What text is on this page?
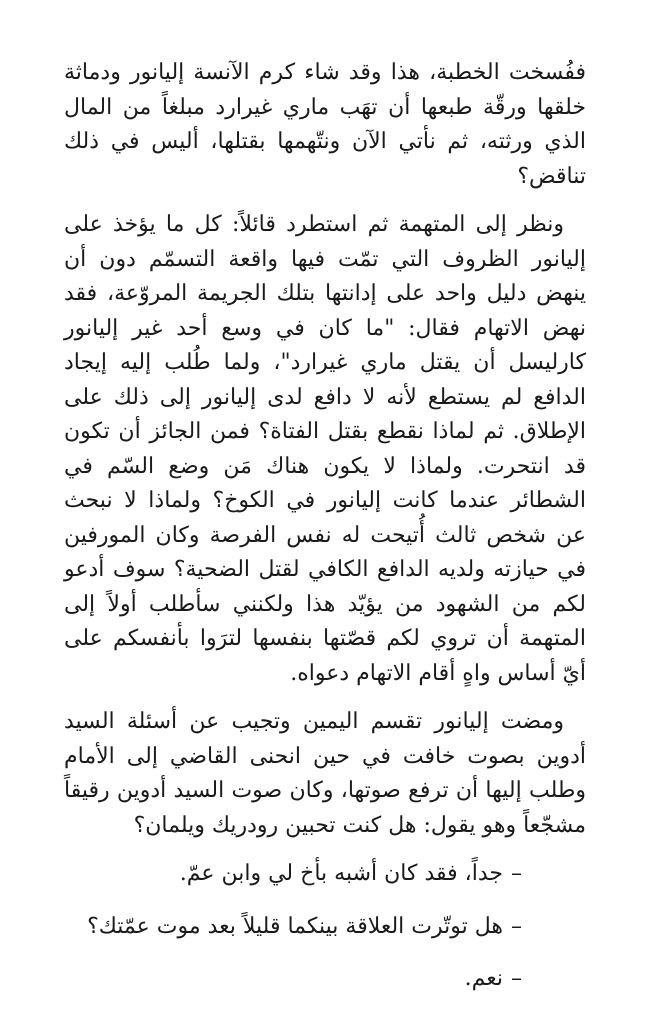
ففُسخت الخطبة، هذا وقد شاء كرم الآنسة إليانور ودماثة خلقها ورقّة طبعها أن تهَب ماري غيرارد مبلغاً من المال الذي ورثته، ثم نأتي الآن ونتّهمها بقتلها، أليس في ذلك تناقض؟

ونظر إلى المتهمة ثم استطرد قائلاً: كل ما يؤخذ على إليانور الظروف التي تمّت فيها واقعة التسمّم دون أن ينهض دليل واحد على إدانتها بتلك الجريمة المروّعة، فقد نهض الاتهام فقال: "ما كان في وسع أحد غير إليانور كارليسل أن يقتل ماري غيرارد"، ولما طُلب إليه إيجاد الدافع لم يستطع لأنه لا دافع لدى إليانور إلى ذلك على الإطلاق. ثم لماذا نقطع بقتل الفتاة؟ فمن الجائز أن تكون قد انتحرت. ولماذا لا يكون هناك مَن وضع السّم في الشطائر عندما كانت إليانور في الكوخ؟ ولماذا لا نبحث عن شخص ثالث أُتيحت له نفس الفرصة وكان المورفين في حيازته ولديه الدافع الكافي لقتل الضحية؟ سوف أدعو لكم من الشهود من يؤيّد هذا ولكنني سأطلب أولاً إلى المتهمة أن تروي لكم قصّتها بنفسها لترَوا بأنفسكم على أيّ أساس واهٍ أقام الاتهام دعواه.

ومضت إليانور تقسم اليمين وتجيب عن أسئلة السيد أدوين بصوت خافت في حين انحنى القاضي إلى الأمام وطلب إليها أن ترفع صوتها، وكان صوت السيد أدوين رقيقاً مشجّعاً وهو يقول: هل كنت تحبين رودريك ويلمان؟

–جداً، فقد كان أشبه بأخ لي وابن عمّ.
–هل توتّرت العلاقة بينكما قليلاً بعد موت عمّتك؟
–نعم.
